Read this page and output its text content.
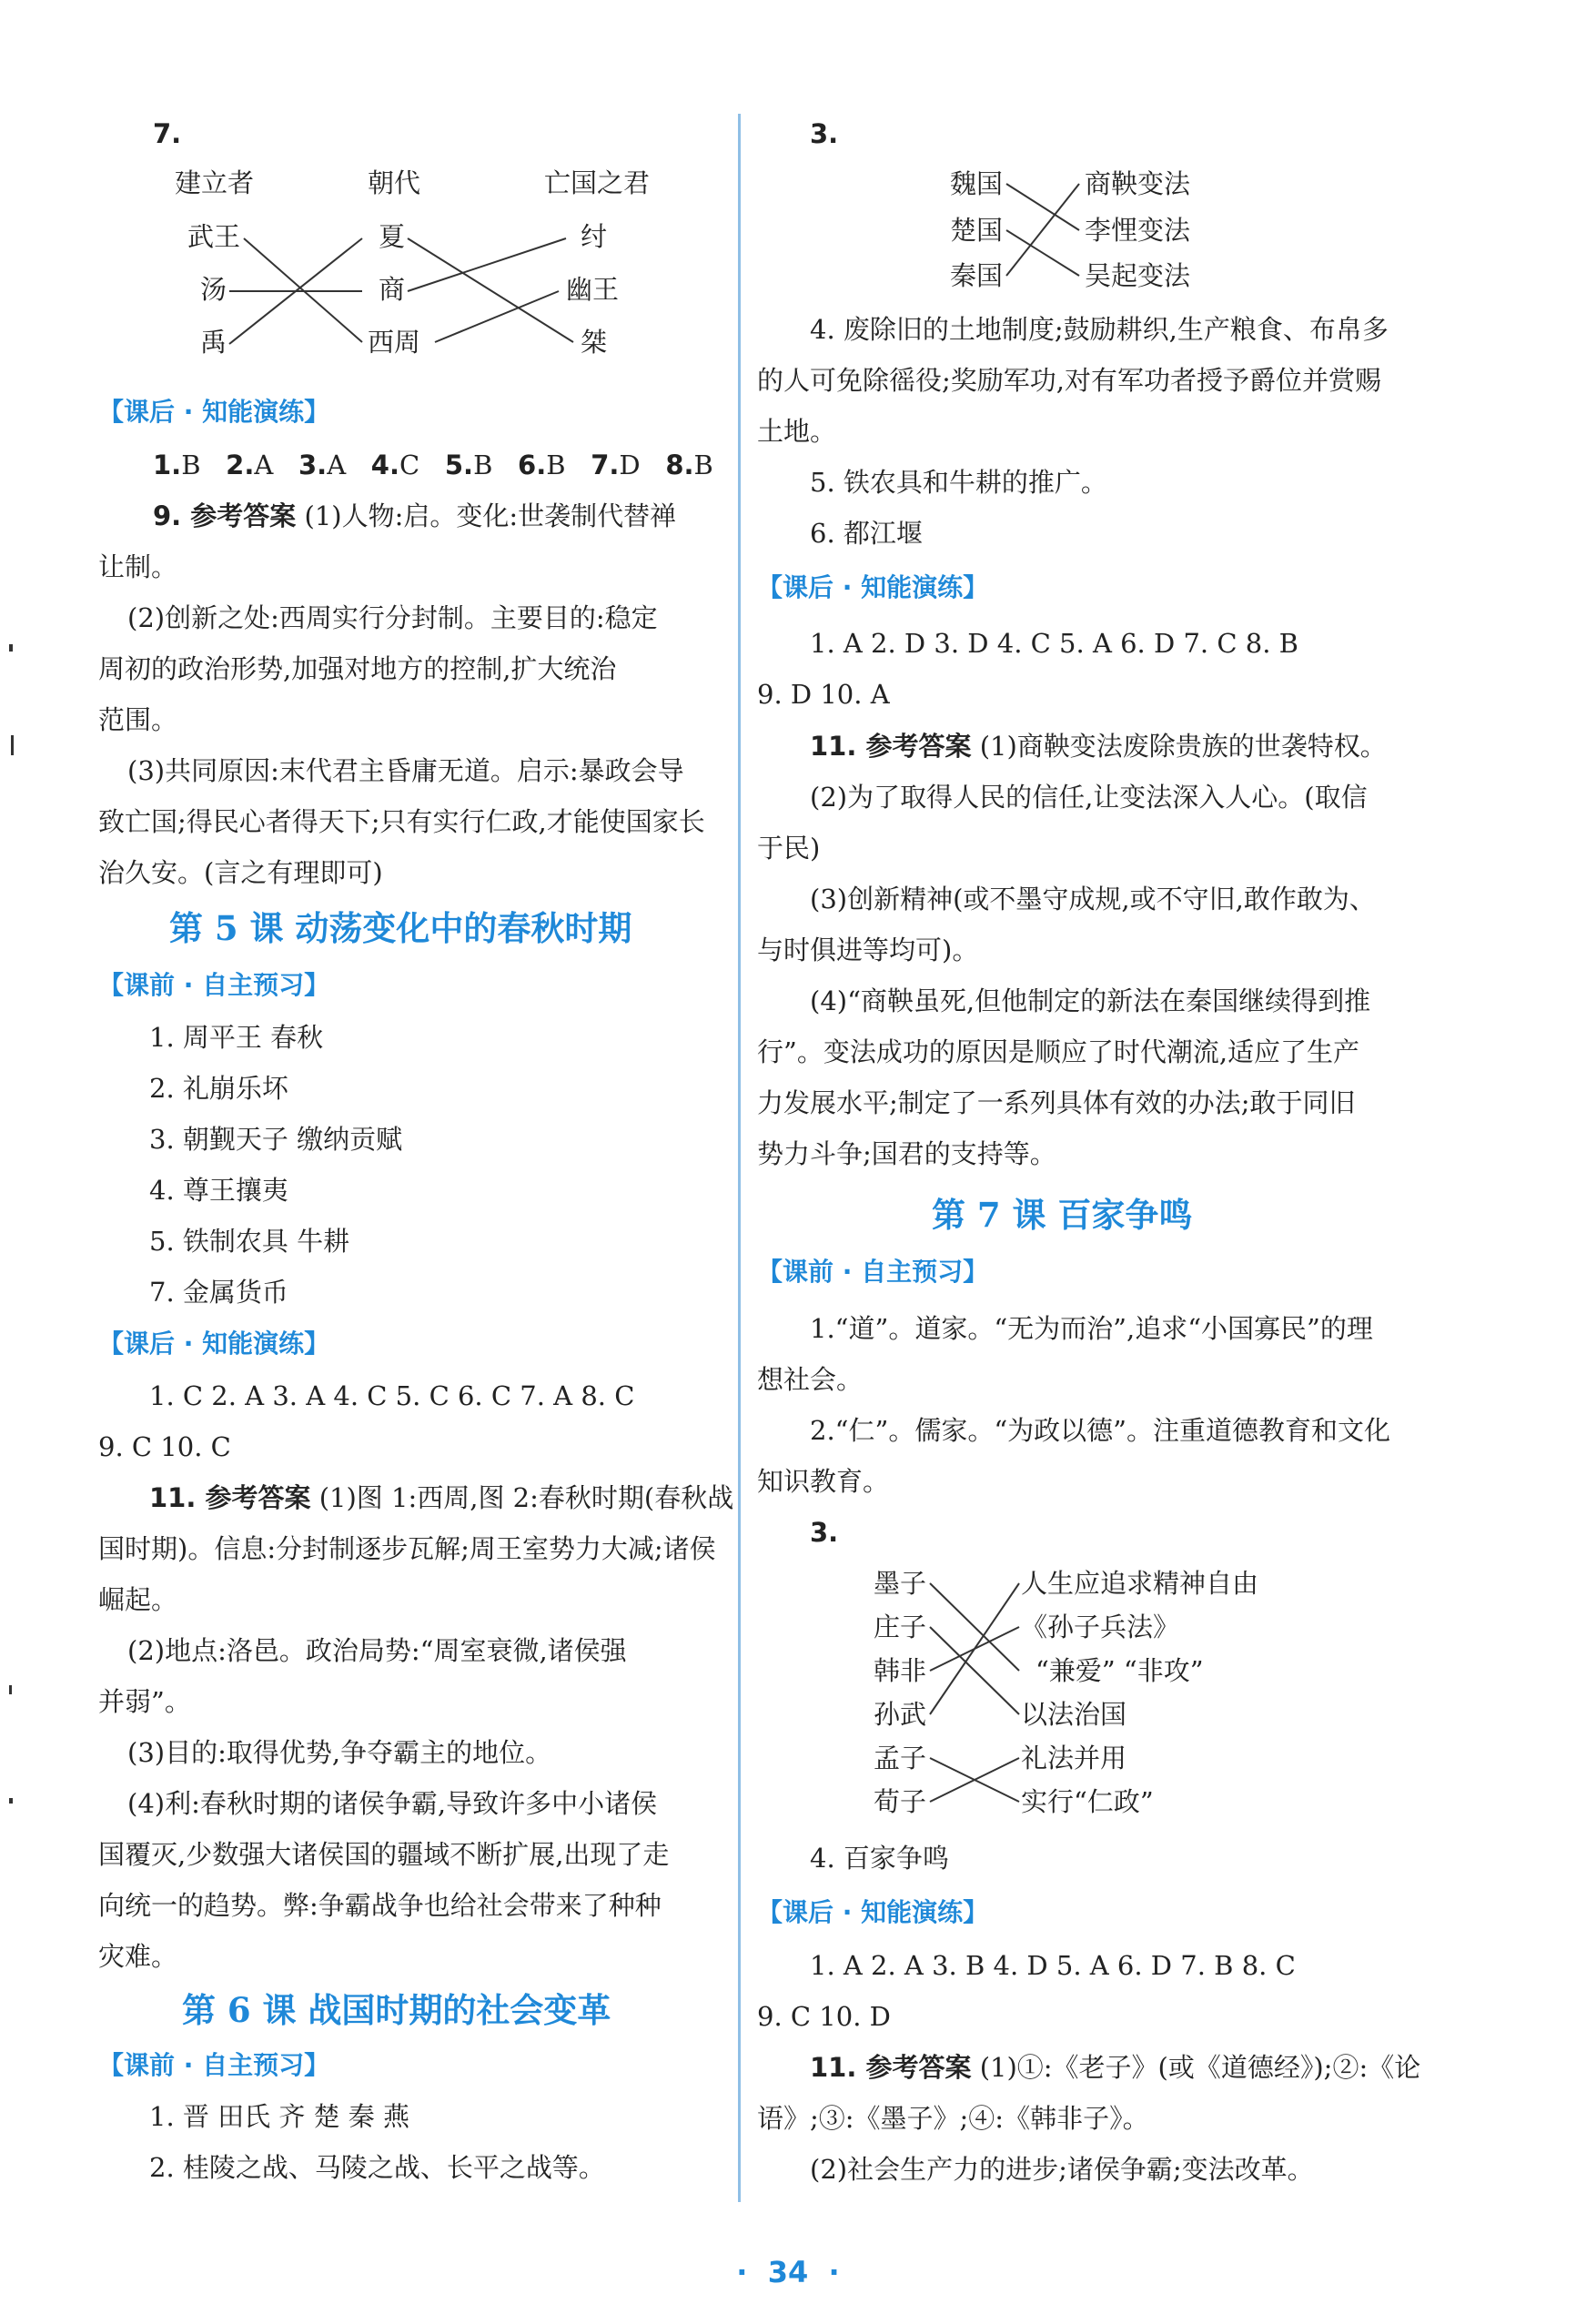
7.
建立者	朝代	亡国之君
武王
汤
禹
夏
商
西周
纣
幽王
桀
【课后 · 知能演练】
1.B 2.A 3.A 4.C 5.B 6.B 7.D 8.B
9. 参考答案 (1)人物:启。变化:世袭制代替禅
让制。
(2)创新之处:西周实行分封制。主要目的:稳定
周初的政治形势,加强对地方的控制,扩大统治
范围。
(3)共同原因:末代君主昏庸无道。启示:暴政会导
致亡国;得民心者得天下;只有实行仁政,才能使国家长
治久安。(言之有理即可)
第 5 课 动荡变化中的春秋时期
【课前 · 自主预习】
1. 周平王 春秋
2. 礼崩乐坏
3. 朝觐天子 缴纳贡赋
4. 尊王攘夷
5. 铁制农具 牛耕
7. 金属货币
【课后 · 知能演练】
1. C 2. A 3. A 4. C 5. C 6. C 7. A 8. C
9. C 10. C
11. 参考答案 (1)图 1:西周,图 2:春秋时期(春秋战
国时期)。信息:分封制逐步瓦解;周王室势力大减;诸侯
崛起。
(2)地点:洛邑。政治局势:“周室衰微,诸侯强
并弱”。
(3)目的:取得优势,争夺霸主的地位。
(4)利:春秋时期的诸侯争霸,导致许多中小诸侯
国覆灭,少数强大诸侯国的疆域不断扩展,出现了走
向统一的趋势。弊:争霸战争也给社会带来了种种
灾难。
第 6 课 战国时期的社会变革
【课前 · 自主预习】
1. 晋 田氏 齐 楚 秦 燕
2. 桂陵之战、马陵之战、长平之战等。
3.
魏国
楚国
秦国
商鞅变法
李悝变法
吴起变法
4. 废除旧的土地制度;鼓励耕织,生产粮食、布帛多
的人可免除徭役;奖励军功,对有军功者授予爵位并赏赐
土地。
5. 铁农具和牛耕的推广。
6. 都江堰
【课后 · 知能演练】
1. A 2. D 3. D 4. C 5. A 6. D 7. C 8. B
9. D 10. A
11. 参考答案 (1)商鞅变法废除贵族的世袭特权。
(2)为了取得人民的信任,让变法深入人心。(取信
于民)
(3)创新精神(或不墨守成规,或不守旧,敢作敢为、
与时俱进等均可)。
(4)“商鞅虽死,但他制定的新法在秦国继续得到推
行”。变法成功的原因是顺应了时代潮流,适应了生产
力发展水平;制定了一系列具体有效的办法;敢于同旧
势力斗争;国君的支持等。
第 7 课 百家争鸣
【课前 · 自主预习】
1.“道”。道家。“无为而治”,追求“小国寡民”的理
想社会。
2.“仁”。儒家。“为政以德”。注重道德教育和文化
知识教育。
3.
墨子
庄子
韩非
孙武
孟子
荀子
人生应追求精神自由
《孙子兵法》
“兼爱” “非攻”
以法治国
礼法并用
实行“仁政”
4. 百家争鸣
【课后 · 知能演练】
1. A 2. A 3. B 4. D 5. A 6. D 7. B 8. C
9. C 10. D
11. 参考答案 (1)①:《老子》(或《道德经》);②:《论
语》;③:《墨子》;④:《韩非子》。
(2)社会生产力的进步;诸侯争霸;变法改革。
· 34 ·
